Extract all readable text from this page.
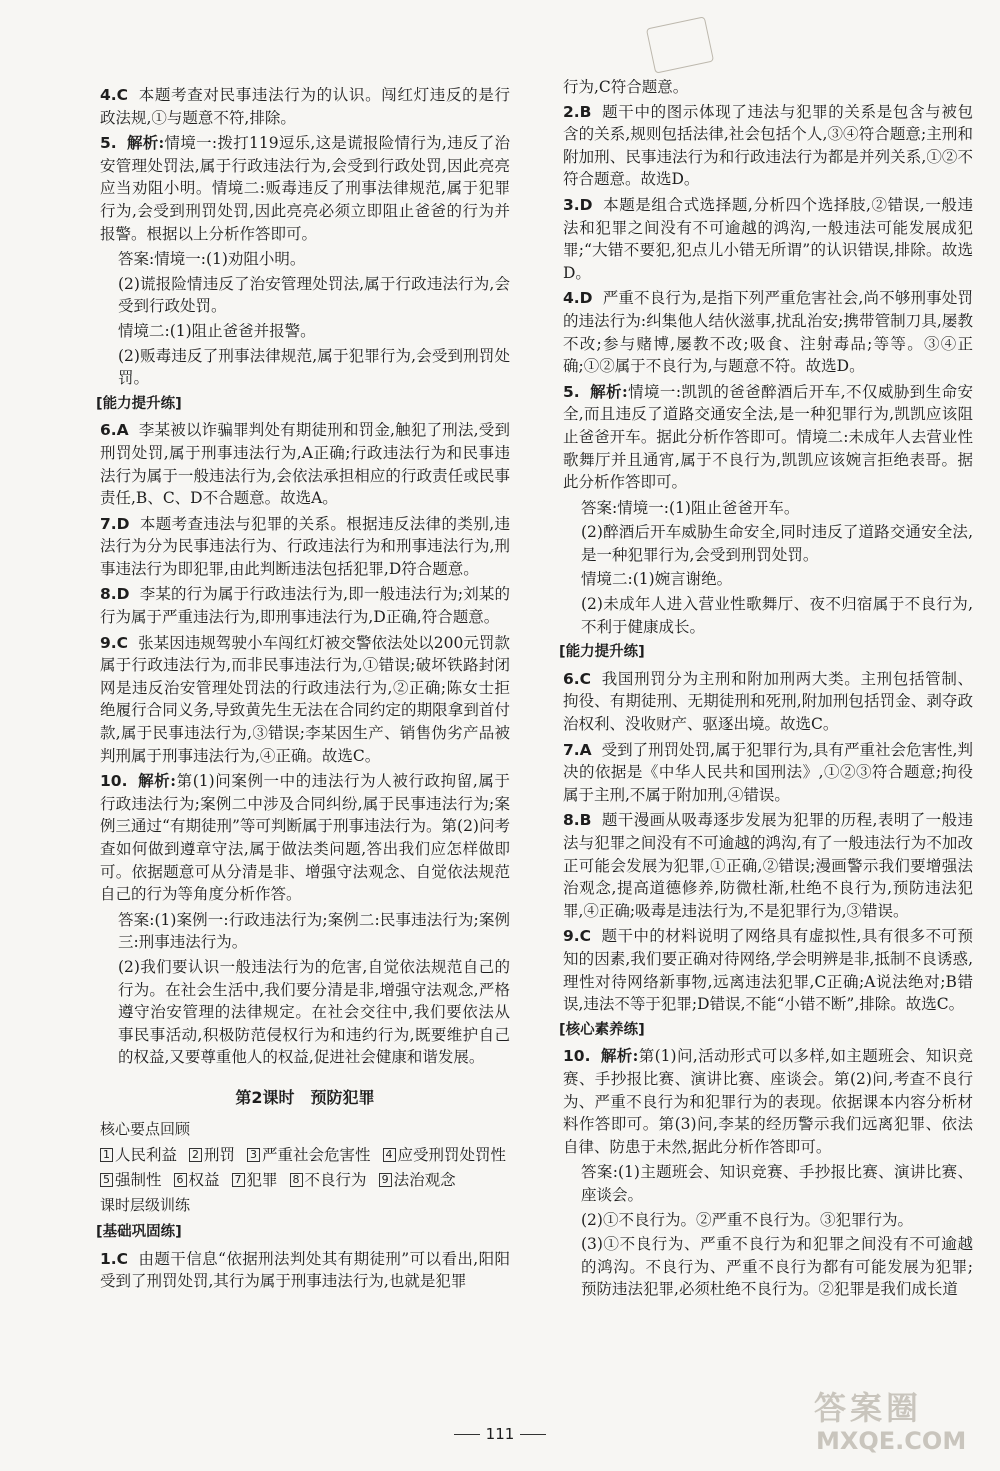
4.C 本题考查对民事违法行为的认识。闯红灯违反的是行政法规,①与题意不符,排除。
5. 解析:情境一:拨打119逗乐,这是谎报险情行为,违反了治安管理处罚法,属于行政违法行为,会受到行政处罚,因此亮亮应当劝阻小明。情境二:贩毒违反了刑事法律规范,属于犯罪行为,会受到刑罚处罚,因此亮亮必须立即阻止爸爸的行为并报警。根据以上分析作答即可。
答案:情境一:(1)劝阻小明。
(2)谎报险情违反了治安管理处罚法,属于行政违法行为,会受到行政处罚。
情境二:(1)阻止爸爸并报警。
(2)贩毒违反了刑事法律规范,属于犯罪行为,会受到刑罚处罚。
[能力提升练]
6.A 李某被以诈骗罪判处有期徒刑和罚金,触犯了刑法,受到刑罚处罚,属于刑事违法行为,A正确;行政违法行为和民事违法行为属于一般违法行为,会依法承担相应的行政责任或民事责任,B、C、D不合题意。故选A。
7.D 本题考查违法与犯罪的关系。根据违反法律的类别,违法行为分为民事违法行为、行政违法行为和刑事违法行为,刑事违法行为即犯罪,由此判断违法包括犯罪,D符合题意。
8.D 李某的行为属于行政违法行为,即一般违法行为;刘某的行为属于严重违法行为,即刑事违法行为,D正确,符合题意。
9.C 张某因违规驾驶小车闯红灯被交警依法处以200元罚款属于行政违法行为,而非民事违法行为,①错误;破坏铁路封闭网是违反治安管理处罚法的行政违法行为,②正确;陈女士拒绝履行合同义务,导致黄先生无法在合同约定的期限拿到首付款,属于民事违法行为,③错误;李某因生产、销售伪劣产品被判刑属于刑事违法行为,④正确。故选C。
10. 解析:第(1)问案例一中的违法行为人被行政拘留,属于行政违法行为;案例二中涉及合同纠纷,属于民事违法行为;案例三通过“有期徒刑”等可判断属于刑事违法行为。第(2)问考查如何做到遵章守法,属于做法类问题,答出我们应怎样做即可。依据题意可从分清是非、增强守法观念、自觉依法规范自己的行为等角度分析作答。
答案:(1)案例一:行政违法行为;案例二:民事违法行为;案例三:刑事违法行为。
(2)我们要认识一般违法行为的危害,自觉依法规范自己的行为。在社会生活中,我们要分清是非,增强守法观念,严格遵守治安管理的法律规定。在社会交往中,我们要依法从事民事活动,积极防范侵权行为和违约行为,既要维护自己的权益,又要尊重他人的权益,促进社会健康和谐发展。
第2课时　预防犯罪
核心要点回顾
1 人民利益 2 刑罚 3 严重社会危害性 4 应受刑罚处罚性
5 强制性 6 权益 7 犯罪 8 不良行为 9 法治观念
课时层级训练
[基础巩固练]
1.C 由题干信息“依据刑法判处其有期徒刑”可以看出,阳阳受到了刑罚处罚,其行为属于刑事违法行为,也就是犯罪
行为,C符合题意。
2.B 题干中的图示体现了违法与犯罪的关系是包含与被包含的关系,规则包括法律,社会包括个人,③④符合题意;主刑和附加刑、民事违法行为和行政违法行为都是并列关系,①②不符合题意。故选D。
3.D 本题是组合式选择题,分析四个选择肢,②错误,一般违法和犯罪之间没有不可逾越的鸿沟,一般违法可能发展成犯罪;“大错不要犯,犯点儿小错无所谓”的认识错误,排除。故选D。
4.D 严重不良行为,是指下列严重危害社会,尚不够刑事处罚的违法行为:纠集他人结伙滋事,扰乱治安;携带管制刀具,屡教不改;参与赌博,屡教不改;吸食、注射毒品;等等。③④正确;①②属于不良行为,与题意不符。故选D。
5. 解析:情境一:凯凯的爸爸醉酒后开车,不仅威胁到生命安全,而且违反了道路交通安全法,是一种犯罪行为,凯凯应该阻止爸爸开车。据此分析作答即可。情境二:未成年人去营业性歌舞厅并且通宵,属于不良行为,凯凯应该婉言拒绝表哥。据此分析作答即可。
答案:情境一:(1)阻止爸爸开车。
(2)醉酒后开车威胁生命安全,同时违反了道路交通安全法,是一种犯罪行为,会受到刑罚处罚。
情境二:(1)婉言谢绝。
(2)未成年人进入营业性歌舞厅、夜不归宿属于不良行为,不利于健康成长。
[能力提升练]
6.C 我国刑罚分为主刑和附加刑两大类。主刑包括管制、拘役、有期徒刑、无期徒刑和死刑,附加刑包括罚金、剥夺政治权利、没收财产、驱逐出境。故选C。
7.A 受到了刑罚处罚,属于犯罪行为,具有严重社会危害性,判决的依据是《中华人民共和国刑法》,①②③符合题意;拘役属于主刑,不属于附加刑,④错误。
8.B 题干漫画从吸毒逐步发展为犯罪的历程,表明了一般违法与犯罪之间没有不可逾越的鸿沟,有了一般违法行为不加改正可能会发展为犯罪,①正确,②错误;漫画警示我们要增强法治观念,提高道德修养,防微杜渐,杜绝不良行为,预防违法犯罪,④正确;吸毒是违法行为,不是犯罪行为,③错误。
9.C 题干中的材料说明了网络具有虚拟性,具有很多不可预知的因素,我们要正确对待网络,学会明辨是非,抵制不良诱惑,理性对待网络新事物,远离违法犯罪,C正确;A说法绝对;B错误,违法不等于犯罪;D错误,不能“小错不断”,排除。故选C。
[核心素养练]
10. 解析:第(1)问,活动形式可以多样,如主题班会、知识竞赛、手抄报比赛、演讲比赛、座谈会。第(2)问,考查不良行为、严重不良行为和犯罪行为的表现。依据课本内容分析材料作答即可。第(3)问,李某的经历警示我们远离犯罪、依法自律、防患于未然,据此分析作答即可。
答案:(1)主题班会、知识竞赛、手抄报比赛、演讲比赛、座谈会。
(2)①不良行为。②严重不良行为。③犯罪行为。
(3)①不良行为、严重不良行为和犯罪之间没有不可逾越的鸿沟。不良行为、严重不良行为都有可能发展为犯罪;预防违法犯罪,必须杜绝不良行为。②犯罪是我们成长道
111
答案圈
MXQE.COM
